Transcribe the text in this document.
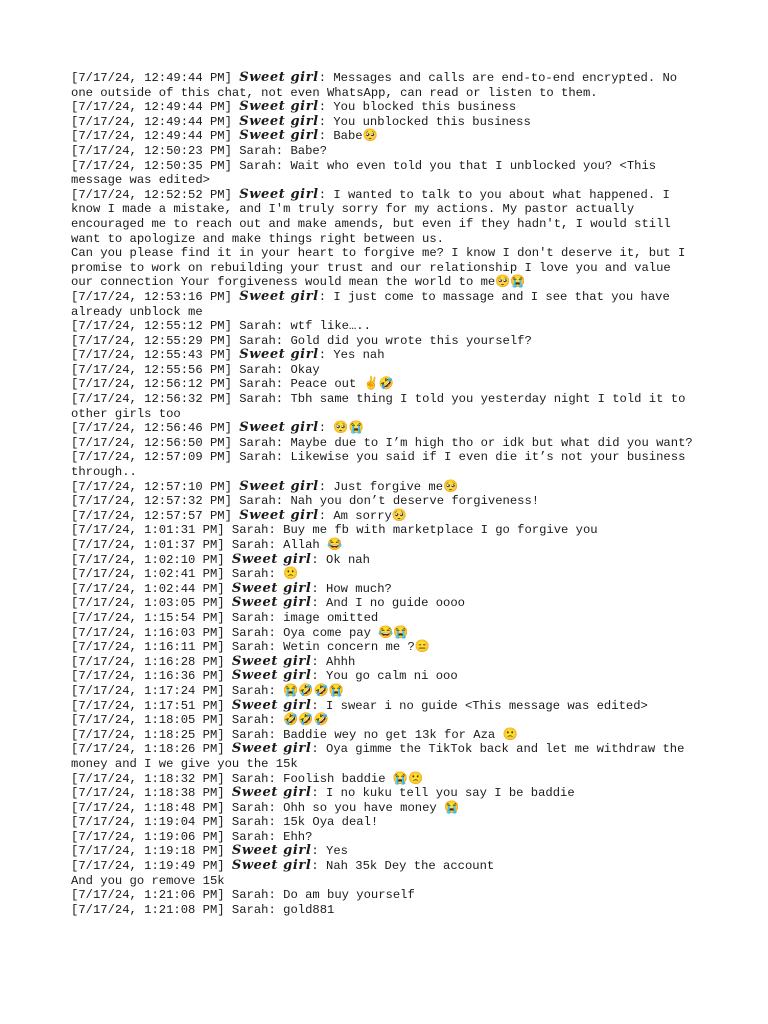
[7/17/24, 12:49:44 PM] Sweet girl: Messages and calls are end-to-end encrypted. No one outside of this chat, not even WhatsApp, can read or listen to them.

[7/17/24, 12:49:44 PM] Sweet girl: You blocked this business

[7/17/24, 12:49:44 PM] Sweet girl: You unblocked this business

[7/17/24, 12:49:44 PM] Sweet girl: Babe🥺

[7/17/24, 12:50:23 PM] Sarah: Babe?

[7/17/24, 12:50:35 PM] Sarah: Wait who even told you that I unblocked you? <This message was edited>

[7/17/24, 12:52:52 PM] Sweet girl: I wanted to talk to you about what happened. I know I made a mistake, and I'm truly sorry for my actions. My pastor actually encouraged me to reach out and make amends, but even if they hadn't, I would still want to apologize and make things right between us.
Can you please find it in your heart to forgive me? I know I don't deserve it, but I promise to work on rebuilding your trust and our relationship I love you and value our connection Your forgiveness would mean the world to me🥺😭

[7/17/24, 12:53:16 PM] Sweet girl: I just come to massage and I see that you have already unblock me

[7/17/24, 12:55:12 PM] Sarah: wtf like…..

[7/17/24, 12:55:29 PM] Sarah: Gold did you wrote this yourself?

[7/17/24, 12:55:43 PM] Sweet girl: Yes nah

[7/17/24, 12:55:56 PM] Sarah: Okay

[7/17/24, 12:56:12 PM] Sarah: Peace out ✌️🤣

[7/17/24, 12:56:32 PM] Sarah: Tbh same thing I told you yesterday night I told it to other girls too

[7/17/24, 12:56:46 PM] Sweet girl: 🥺😭

[7/17/24, 12:56:50 PM] Sarah: Maybe due to I’m high tho or idk but what did you want?

[7/17/24, 12:57:09 PM] Sarah: Likewise you said if I even die it’s not your business through..

[7/17/24, 12:57:10 PM] Sweet girl: Just forgive me🥺

[7/17/24, 12:57:32 PM] Sarah: Nah you don’t deserve forgiveness!

[7/17/24, 12:57:57 PM] Sweet girl: Am sorry🥺

[7/17/24, 1:01:31 PM] Sarah: Buy me fb with marketplace I go forgive you

[7/17/24, 1:01:37 PM] Sarah: Allah 😂

[7/17/24, 1:02:10 PM] Sweet girl: Ok nah

[7/17/24, 1:02:41 PM] Sarah: 🙁

[7/17/24, 1:02:44 PM] Sweet girl: How much?

[7/17/24, 1:03:05 PM] Sweet girl: And I no guide oooo

[7/17/24, 1:15:54 PM] Sarah: image omitted

[7/17/24, 1:16:03 PM] Sarah: Oya come pay 😂😭

[7/17/24, 1:16:11 PM] Sarah: Wetin concern me ?😑

[7/17/24, 1:16:28 PM] Sweet girl: Ahhh

[7/17/24, 1:16:36 PM] Sweet girl: You go calm ni ooo

[7/17/24, 1:17:24 PM] Sarah: 😭🤣🤣😭

[7/17/24, 1:17:51 PM] Sweet girl: I swear i no guide <This message was edited>

[7/17/24, 1:18:05 PM] Sarah: 🤣🤣🤣

[7/17/24, 1:18:25 PM] Sarah: Baddie wey no get 13k for Aza 🙁

[7/17/24, 1:18:26 PM] Sweet girl: Oya gimme the TikTok back and let me withdraw the money and I we give you the 15k

[7/17/24, 1:18:32 PM] Sarah: Foolish baddie 😭🙁

[7/17/24, 1:18:38 PM] Sweet girl: I no kuku tell you say I be baddie

[7/17/24, 1:18:48 PM] Sarah: Ohh so you have money 😭

[7/17/24, 1:19:04 PM] Sarah: 15k Oya deal!

[7/17/24, 1:19:06 PM] Sarah: Ehh?

[7/17/24, 1:19:18 PM] Sweet girl: Yes

[7/17/24, 1:19:49 PM] Sweet girl: Nah 35k Dey the account
And you go remove 15k

[7/17/24, 1:21:06 PM] Sarah: Do am buy yourself

[7/17/24, 1:21:08 PM] Sarah: gold881
